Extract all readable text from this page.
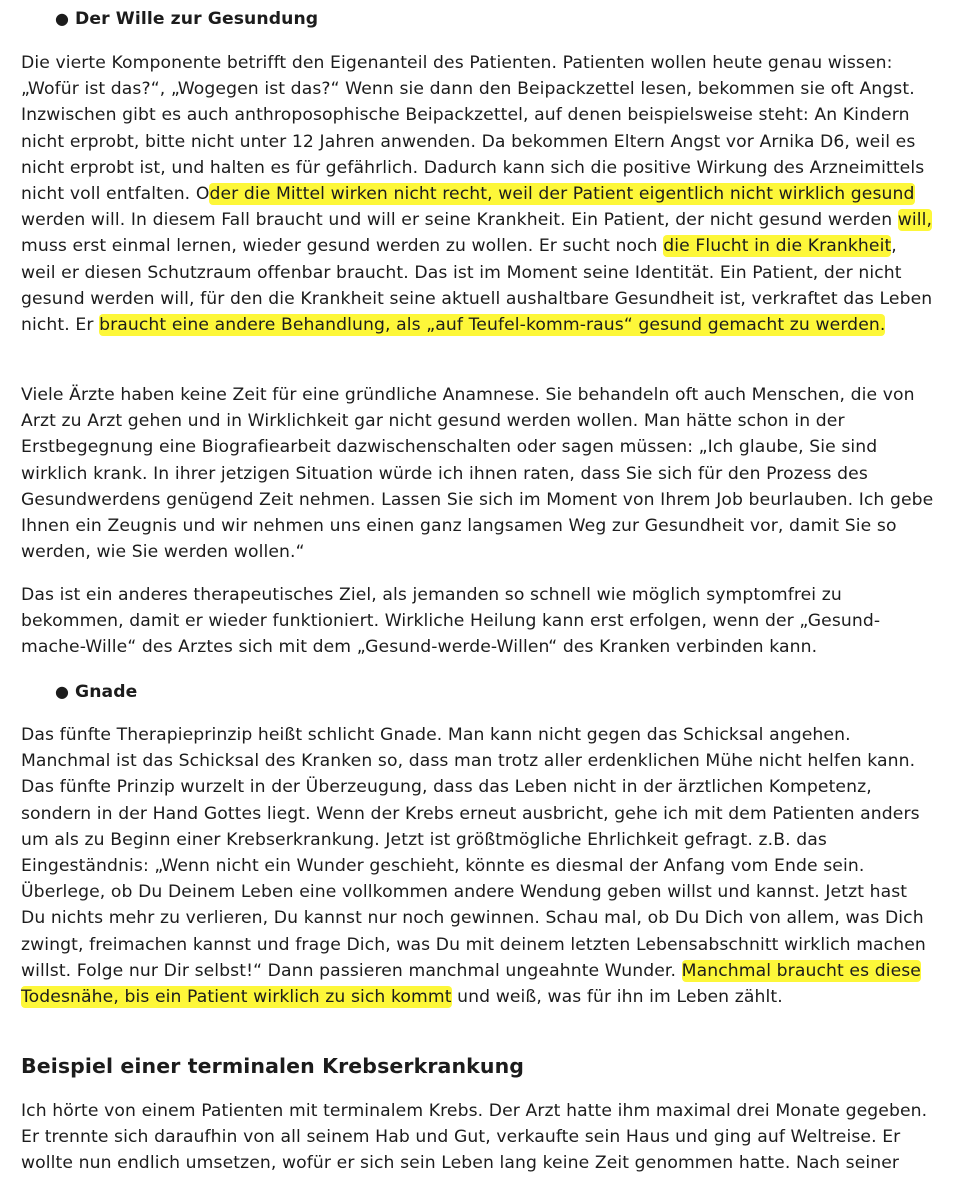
● Der Wille zur Gesundung

Die vierte Komponente betrifft den Eigenanteil des Patienten. Patienten wollen heute genau wissen: „Wofür ist das?“, „Wogegen ist das?“ Wenn sie dann den Beipackzettel lesen, bekommen sie oft Angst. Inzwischen gibt es auch anthroposophische Beipackzettel, auf denen beispielsweise steht: An Kindern nicht erprobt, bitte nicht unter 12 Jahren anwenden. Da bekommen Eltern Angst vor Arnika D6, weil es nicht erprobt ist, und halten es für gefährlich. Dadurch kann sich die positive Wirkung des Arzneimittels nicht voll entfalten. Oder die Mittel wirken nicht recht, weil der Patient eigentlich nicht wirklich gesund werden will. In diesem Fall braucht und will er seine Krankheit. Ein Patient, der nicht gesund werden will, muss erst einmal lernen, wieder gesund werden zu wollen. Er sucht noch die Flucht in die Krankheit, weil er diesen Schutzraum offenbar braucht. Das ist im Moment seine Identität. Ein Patient, der nicht gesund werden will, für den die Krankheit seine aktuell aushaltbare Gesundheit ist, verkraftet das Leben nicht. Er braucht eine andere Behandlung, als „auf Teufel-komm-raus“ gesund gemacht zu werden.

Viele Ärzte haben keine Zeit für eine gründliche Anamnese. Sie behandeln oft auch Menschen, die von Arzt zu Arzt gehen und in Wirklichkeit gar nicht gesund werden wollen. Man hätte schon in der Erstbegegnung eine Biografiearbeit dazwischenschalten oder sagen müssen: „Ich glaube, Sie sind wirklich krank. In ihrer jetzigen Situation würde ich ihnen raten, dass Sie sich für den Prozess des Gesundwerdens genügend Zeit nehmen. Lassen Sie sich im Moment von Ihrem Job beurlauben. Ich gebe Ihnen ein Zeugnis und wir nehmen uns einen ganz langsamen Weg zur Gesundheit vor, damit Sie so werden, wie Sie werden wollen.“

Das ist ein anderes therapeutisches Ziel, als jemanden so schnell wie möglich symptomfrei zu bekommen, damit er wieder funktioniert. Wirkliche Heilung kann erst erfolgen, wenn der „Gesund-mache-Wille“ des Arztes sich mit dem „Gesund-werde-Willen“ des Kranken verbinden kann.

● Gnade

Das fünfte Therapieprinzip heißt schlicht Gnade. Man kann nicht gegen das Schicksal angehen. Manchmal ist das Schicksal des Kranken so, dass man trotz aller erdenklichen Mühe nicht helfen kann. Das fünfte Prinzip wurzelt in der Überzeugung, dass das Leben nicht in der ärztlichen Kompetenz, sondern in der Hand Gottes liegt. Wenn der Krebs erneut ausbricht, gehe ich mit dem Patienten anders um als zu Beginn einer Krebserkrankung. Jetzt ist größtmögliche Ehrlichkeit gefragt. z.B. das Eingeständnis: „Wenn nicht ein Wunder geschieht, könnte es diesmal der Anfang vom Ende sein. Überlege, ob Du Deinem Leben eine vollkommen andere Wendung geben willst und kannst. Jetzt hast Du nichts mehr zu verlieren, Du kannst nur noch gewinnen. Schau mal, ob Du Dich von allem, was Dich zwingt, freimachen kannst und frage Dich, was Du mit deinem letzten Lebensabschnitt wirklich machen willst. Folge nur Dir selbst!“ Dann passieren manchmal ungeahnte Wunder. Manchmal braucht es diese Todesnähe, bis ein Patient wirklich zu sich kommt und weiß, was für ihn im Leben zählt.

Beispiel einer terminalen Krebserkrankung

Ich hörte von einem Patienten mit terminalem Krebs. Der Arzt hatte ihm maximal drei Monate gegeben. Er trennte sich daraufhin von all seinem Hab und Gut, verkaufte sein Haus und ging auf Weltreise. Er wollte nun endlich umsetzen, wofür er sich sein Leben lang keine Zeit genommen hatte. Nach seiner
